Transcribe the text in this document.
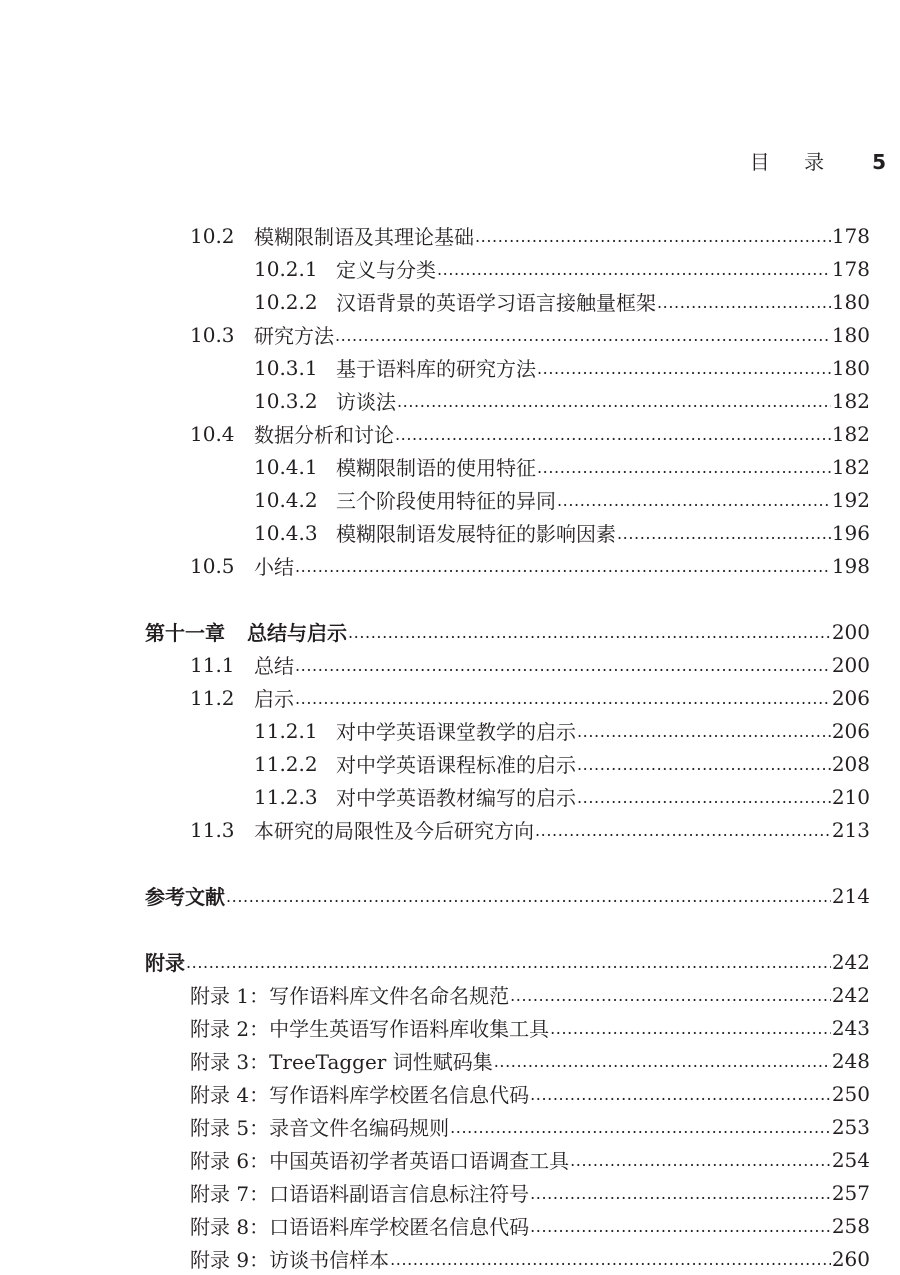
目 录 5
10.2 模糊限制语及其理论基础 .....	178
10.2.1 定义与分类 .....	178
10.2.2 汉语背景的英语学习语言接触量框架 .....	180
10.3 研究方法 .....	180
10.3.1 基于语料库的研究方法 .....	180
10.3.2 访谈法 .....	182
10.4 数据分析和讨论 .....	182
10.4.1 模糊限制语的使用特征 .....	182
10.4.2 三个阶段使用特征的异同 .....	192
10.4.3 模糊限制语发展特征的影响因素 .....	196
10.5 小结 .....	198
第十一章 总结与启示 .....	200
11.1 总结 .....	200
11.2 启示 .....	206
11.2.1 对中学英语课堂教学的启示 .....	206
11.2.2 对中学英语课程标准的启示 .....	208
11.2.3 对中学英语教材编写的启示 .....	210
11.3 本研究的局限性及今后研究方向 .....	213
参考文献 .....	214
附录 .....	242
附录 1：写作语料库文件名命名规范 .....	242
附录 2：中学生英语写作语料库收集工具 .....	243
附录 3：TreeTagger 词性赋码集 .....	248
附录 4：写作语料库学校匿名信息代码 .....	250
附录 5：录音文件名编码规则 .....	253
附录 6：中国英语初学者英语口语调查工具 .....	254
附录 7：口语语料副语言信息标注符号 .....	257
附录 8：口语语料库学校匿名信息代码 .....	258
附录 9：访谈书信样本 .....	260
